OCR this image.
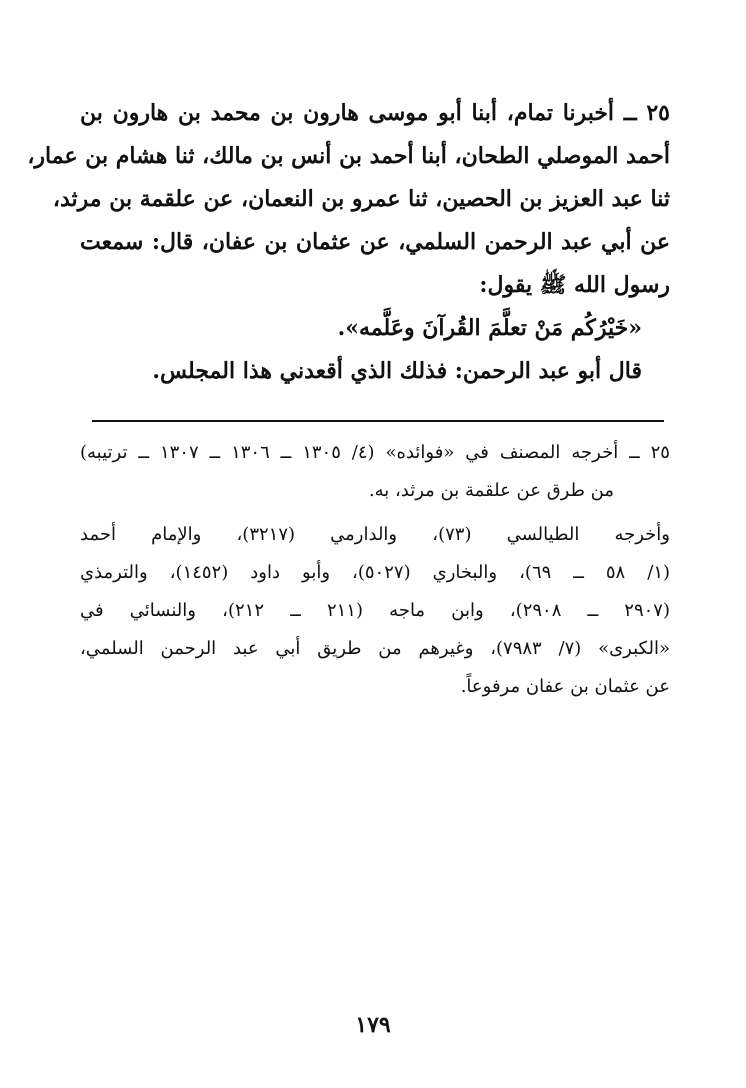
٢٥ ــ أخبرنا تمام، أبنا أبو موسى هارون بن محمد بن هارون بن
أحمد الموصلي الطحان، أبنا أحمد بن أنس بن مالك، ثنا هشام بن عمار،
ثنا عبد العزيز بن الحصين، ثنا عمرو بن النعمان، عن علقمة بن مرثد،
عن أبي عبد الرحمن السلمي، عن عثمان بن عفان، قال: سمعت
رسول الله ﷺ يقول:
«خَيْرُكُم مَنْ تعلَّمَ القُرآنَ وعَلَّمه».
قال أبو عبد الرحمن: فذلك الذي أقعدني هذا المجلس.
٢٥ ــ أخرجه المصنف في «فوائده» (٤/ ١٣٠٥ ــ ١٣٠٦ ــ ١٣٠٧ ــ ترتيبه)
من طرق عن علقمة بن مرثد، به.
وأخرجه الطيالسي (٧٣)، والدارمي (٣٢١٧)، والإمام أحمد
(١/ ٥٨ ــ ٦٩)، والبخاري (٥٠٢٧)، وأبو داود (١٤٥٢)، والترمذي
(٢٩٠٧ ــ ٢٩٠٨)، وابن ماجه (٢١١ ــ ٢١٢)، والنسائي في
«الكبرى» (٧/ ٧٩٨٣)، وغيرهم من طريق أبي عبد الرحمن السلمي،
عن عثمان بن عفان مرفوعاً.
١٧٩
